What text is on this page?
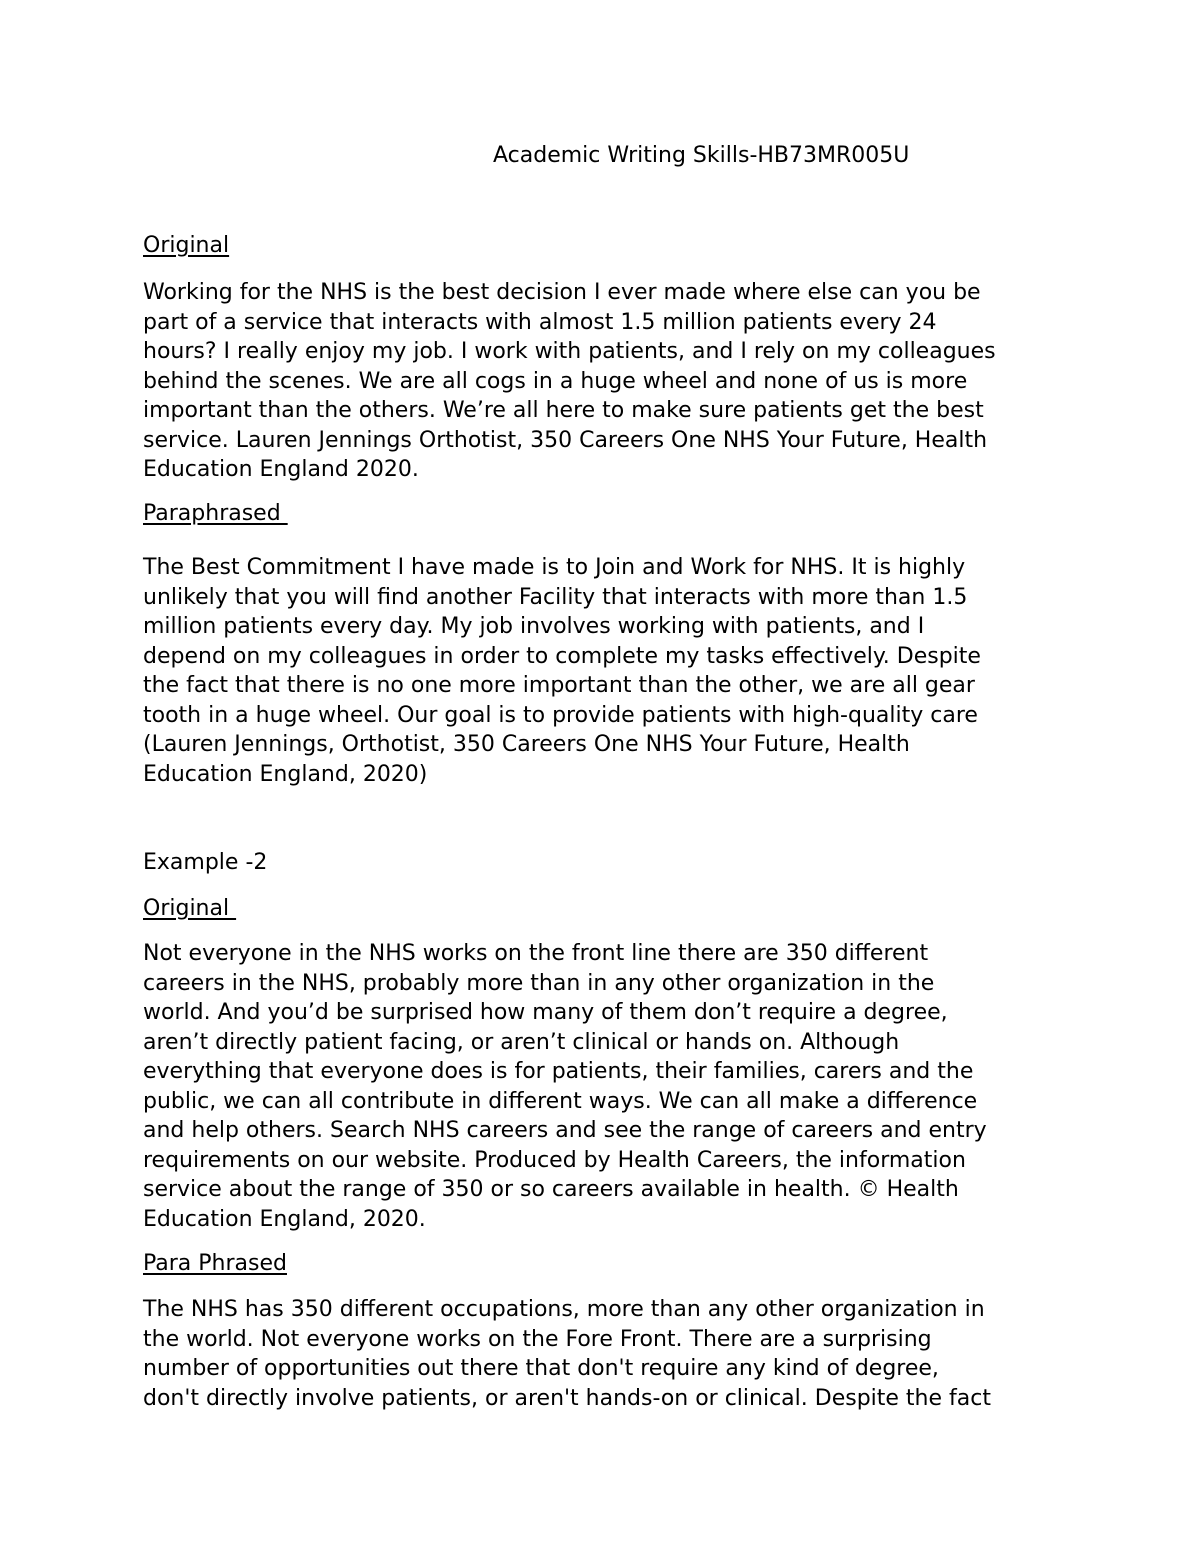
Academic Writing Skills-HB73MR005U
Original
Working for the NHS is the best decision I ever made where else can you be
part of a service that interacts with almost 1.5 million patients every 24
hours? I really enjoy my job. I work with patients, and I rely on my colleagues
behind the scenes. We are all cogs in a huge wheel and none of us is more
important than the others. We’re all here to make sure patients get the best
service. Lauren Jennings Orthotist, 350 Careers One NHS Your Future, Health
Education England 2020.
Paraphrased
The Best Commitment I have made is to Join and Work for NHS. It is highly
unlikely that you will find another Facility that interacts with more than 1.5
million patients every day. My job involves working with patients, and I
depend on my colleagues in order to complete my tasks effectively. Despite
the fact that there is no one more important than the other, we are all gear
tooth in a huge wheel. Our goal is to provide patients with high-quality care
(Lauren Jennings, Orthotist, 350 Careers One NHS Your Future, Health
Education England, 2020)
Example -2
Original
Not everyone in the NHS works on the front line there are 350 different
careers in the NHS, probably more than in any other organization in the
world. And you’d be surprised how many of them don’t require a degree,
aren’t directly patient facing, or aren’t clinical or hands on. Although
everything that everyone does is for patients, their families, carers and the
public, we can all contribute in different ways. We can all make a difference
and help others. Search NHS careers and see the range of careers and entry
requirements on our website. Produced by Health Careers, the information
service about the range of 350 or so careers available in health. © Health
Education England, 2020.
Para Phrased
The NHS has 350 different occupations, more than any other organization in
the world. Not everyone works on the Fore Front. There are a surprising
number of opportunities out there that don't require any kind of degree,
don't directly involve patients, or aren't hands-on or clinical. Despite the fact
